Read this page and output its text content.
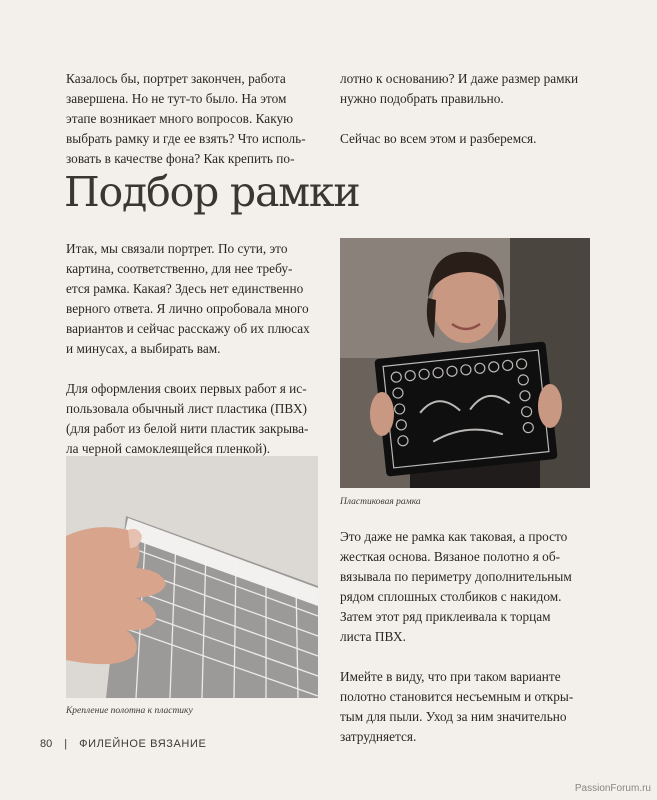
Казалось бы, портрет закончен, работа
завершена. Но не тут-то было. На этом
этапе возникает много вопросов. Какую
выбрать рамку и где ее взять? Что исполь-
зовать в качестве фона? Как крепить по-

лотно к основанию? И даже размер рамки
нужно подобрать правильно.

Сейчас во всем этом и разберемся.

Подбор рамки

Итак, мы связали портрет. По сути, это
картина, соответственно, для нее требу-
ется рамка. Какая? Здесь нет единственно
верного ответа. Я лично опробовала много
вариантов и сейчас расскажу об их плюсах
и минусах, а выбирать вам.

Для оформления своих первых работ я ис-
пользовала обычный лист пластика (ПВХ)
(для работ из белой нити пластик закрыва-
ла черной самоклеящейся пленкой).

Пластиковая рамка
Крепление полотна к пластику

Это даже не рамка как таковая, а просто
жесткая основа. Вязаное полотно я об-
вязывала по периметру дополнительным
рядом сплошных столбиков с накидом.
Затем этот ряд приклеивала к торцам
листа ПВХ.

Имейте в виду, что при таком варианте
полотно становится несъемным и откры-
тым для пыли. Уход за ним значительно
затрудняется.

80 | ФИЛЕЙНОЕ ВЯЗАНИЕ
PassionForum.ru
